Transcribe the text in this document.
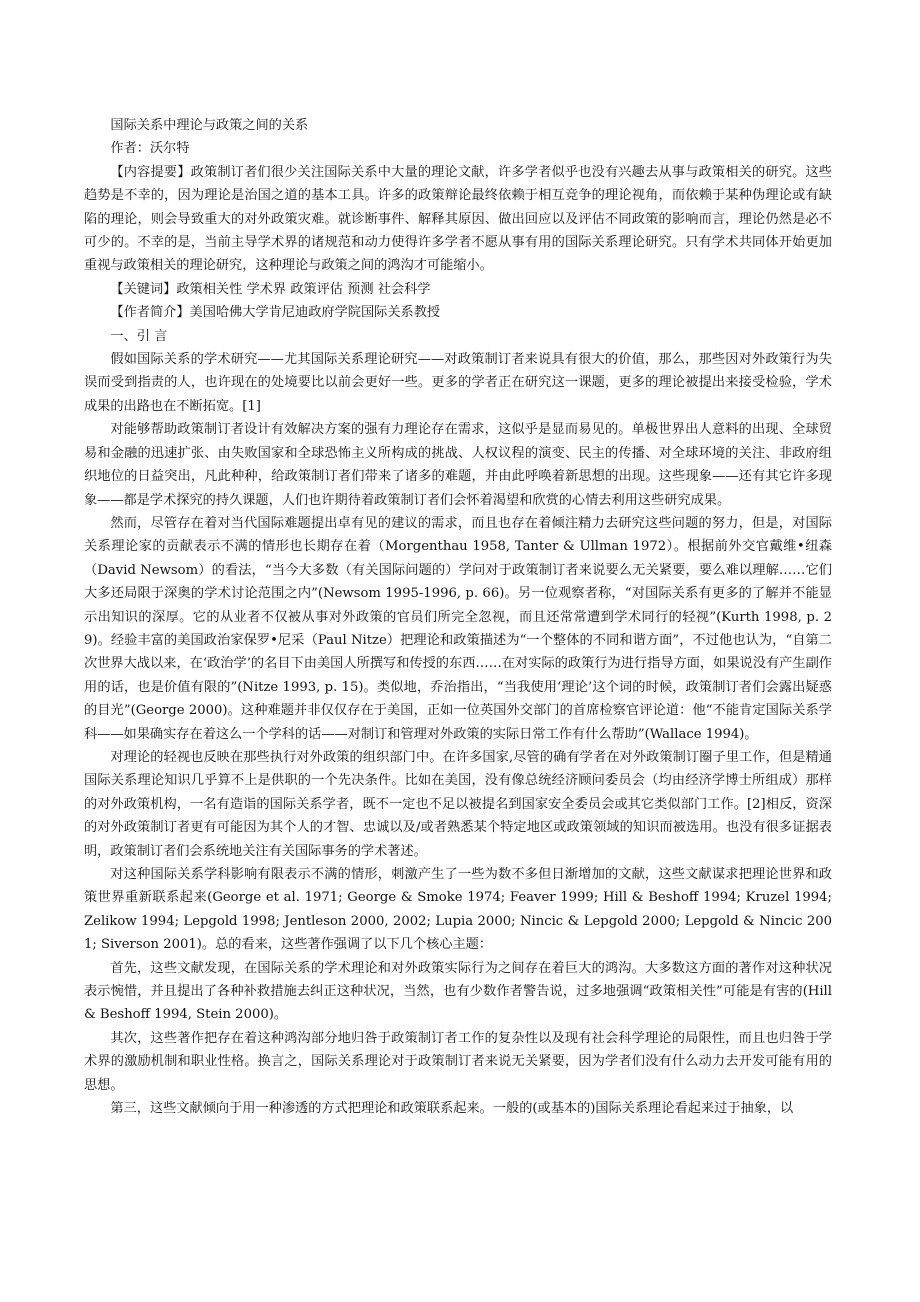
国际关系中理论与政策之间的关系

作者：沃尔特

【内容提要】政策制订者们很少关注国际关系中大量的理论文献，许多学者似乎也没有兴趣去从事与政策相关的研究。这些趋势是不幸的，因为理论是治国之道的基本工具。许多的政策辩论最终依赖于相互竞争的理论视角，而依赖于某种伪理论或有缺陷的理论，则会导致重大的对外政策灾难。就诊断事件、解释其原因、做出回应以及评估不同政策的影响而言，理论仍然是必不可少的。不幸的是，当前主导学术界的诸规范和动力使得许多学者不愿从事有用的国际关系理论研究。只有学术共同体开始更加重视与政策相关的理论研究，这种理论与政策之间的鸿沟才可能缩小。

【关键词】政策相关性 学术界 政策评估 预测 社会科学

【作者简介】美国哈佛大学肯尼迪政府学院国际关系教授

一、引 言

假如国际关系的学术研究——尤其国际关系理论研究——对政策制订者来说具有很大的价值，那么，那些因对外政策行为失误而受到指责的人，也许现在的处境要比以前会更好一些。更多的学者正在研究这一课题，更多的理论被提出来接受检验，学术成果的出路也在不断拓宽。[1]

对能够帮助政策制订者设计有效解决方案的强有力理论存在需求，这似乎是显而易见的。单极世界出人意料的出现、全球贸易和金融的迅速扩张、由失败国家和全球恐怖主义所构成的挑战、人权议程的演变、民主的传播、对全球环境的关注、非政府组织地位的日益突出，凡此种种，给政策制订者们带来了诸多的难题，并由此呼唤着新思想的出现。这些现象——还有其它许多现象——都是学术探究的持久课题，人们也许期待着政策制订者们会怀着渴望和欣赏的心情去利用这些研究成果。

然而，尽管存在着对当代国际难题提出卓有见的建议的需求，而且也存在着倾注精力去研究这些问题的努力，但是，对国际关系理论家的贡献表示不满的情形也长期存在着（Morgenthau 1958, Tanter & Ullman 1972）。根据前外交官戴维•纽森（David Newsom）的看法，“当今大多数（有关国际问题的）学问对于政策制订者来说要么无关紧要，要么难以理解……它们大多还局限于深奥的学术讨论范围之内”(Newsom 1995-1996, p. 66)。另一位观察者称，“对国际关系有更多的了解并不能显示出知识的深厚。它的从业者不仅被从事对外政策的官员们所完全忽视，而且还常常遭到学术同行的轻视”(Kurth 1998, p. 29)。经验丰富的美国政治家保罗•尼采（Paul Nitze）把理论和政策描述为“一个整体的不同和谐方面”，不过他也认为，“自第二次世界大战以来，在‘政治学’的名目下由美国人所撰写和传授的东西……在对实际的政策行为进行指导方面，如果说没有产生副作用的话，也是价值有限的”(Nitze 1993, p. 15)。类似地，乔治指出，“当我使用‘理论’这个词的时候，政策制订者们会露出疑惑的目光”(George 2000)。这种难题并非仅仅存在于美国，正如一位英国外交部门的首席检察官评论道：他“不能肯定国际关系学科——如果确实存在着这么一个学科的话——对制订和管理对外政策的实际日常工作有什么帮助”(Wallace 1994)。

对理论的轻视也反映在那些执行对外政策的组织部门中。在许多国家,尽管的确有学者在对外政策制订圈子里工作，但是精通国际关系理论知识几乎算不上是供职的一个先决条件。比如在美国，没有像总统经济顾问委员会（均由经济学博士所组成）那样的对外政策机构，一名有造诣的国际关系学者，既不一定也不足以被提名到国家安全委员会或其它类似部门工作。[2]相反，资深的对外政策制订者更有可能因为其个人的才智、忠诚以及/或者熟悉某个特定地区或政策领域的知识而被选用。也没有很多证据表明，政策制订者们会系统地关注有关国际事务的学术著述。

对这种国际关系学科影响有限表示不满的情形，刺激产生了一些为数不多但日渐增加的文献，这些文献谋求把理论世界和政策世界重新联系起来(George et al. 1971; George & Smoke 1974; Feaver 1999; Hill & Beshoff 1994; Kruzel 1994; Zelikow 1994; Lepgold 1998; Jentleson 2000, 2002; Lupia 2000; Nincic & Lepgold 2000; Lepgold & Nincic 2001; Siverson 2001)。总的看来，这些著作强调了以下几个核心主题：

首先，这些文献发现，在国际关系的学术理论和对外政策实际行为之间存在着巨大的鸿沟。大多数这方面的著作对这种状况表示惋惜，并且提出了各种补救措施去纠正这种状况，当然，也有少数作者警告说，过多地强调“政策相关性”可能是有害的(Hill & Beshoff 1994, Stein 2000)。

其次，这些著作把存在着这种鸿沟部分地归咎于政策制订者工作的复杂性以及现有社会科学理论的局限性，而且也归咎于学术界的激励机制和职业性格。换言之，国际关系理论对于政策制订者来说无关紧要，因为学者们没有什么动力去开发可能有用的思想。

第三，这些文献倾向于用一种渗透的方式把理论和政策联系起来。一般的(或基本的)国际关系理论看起来过于抽象，以
